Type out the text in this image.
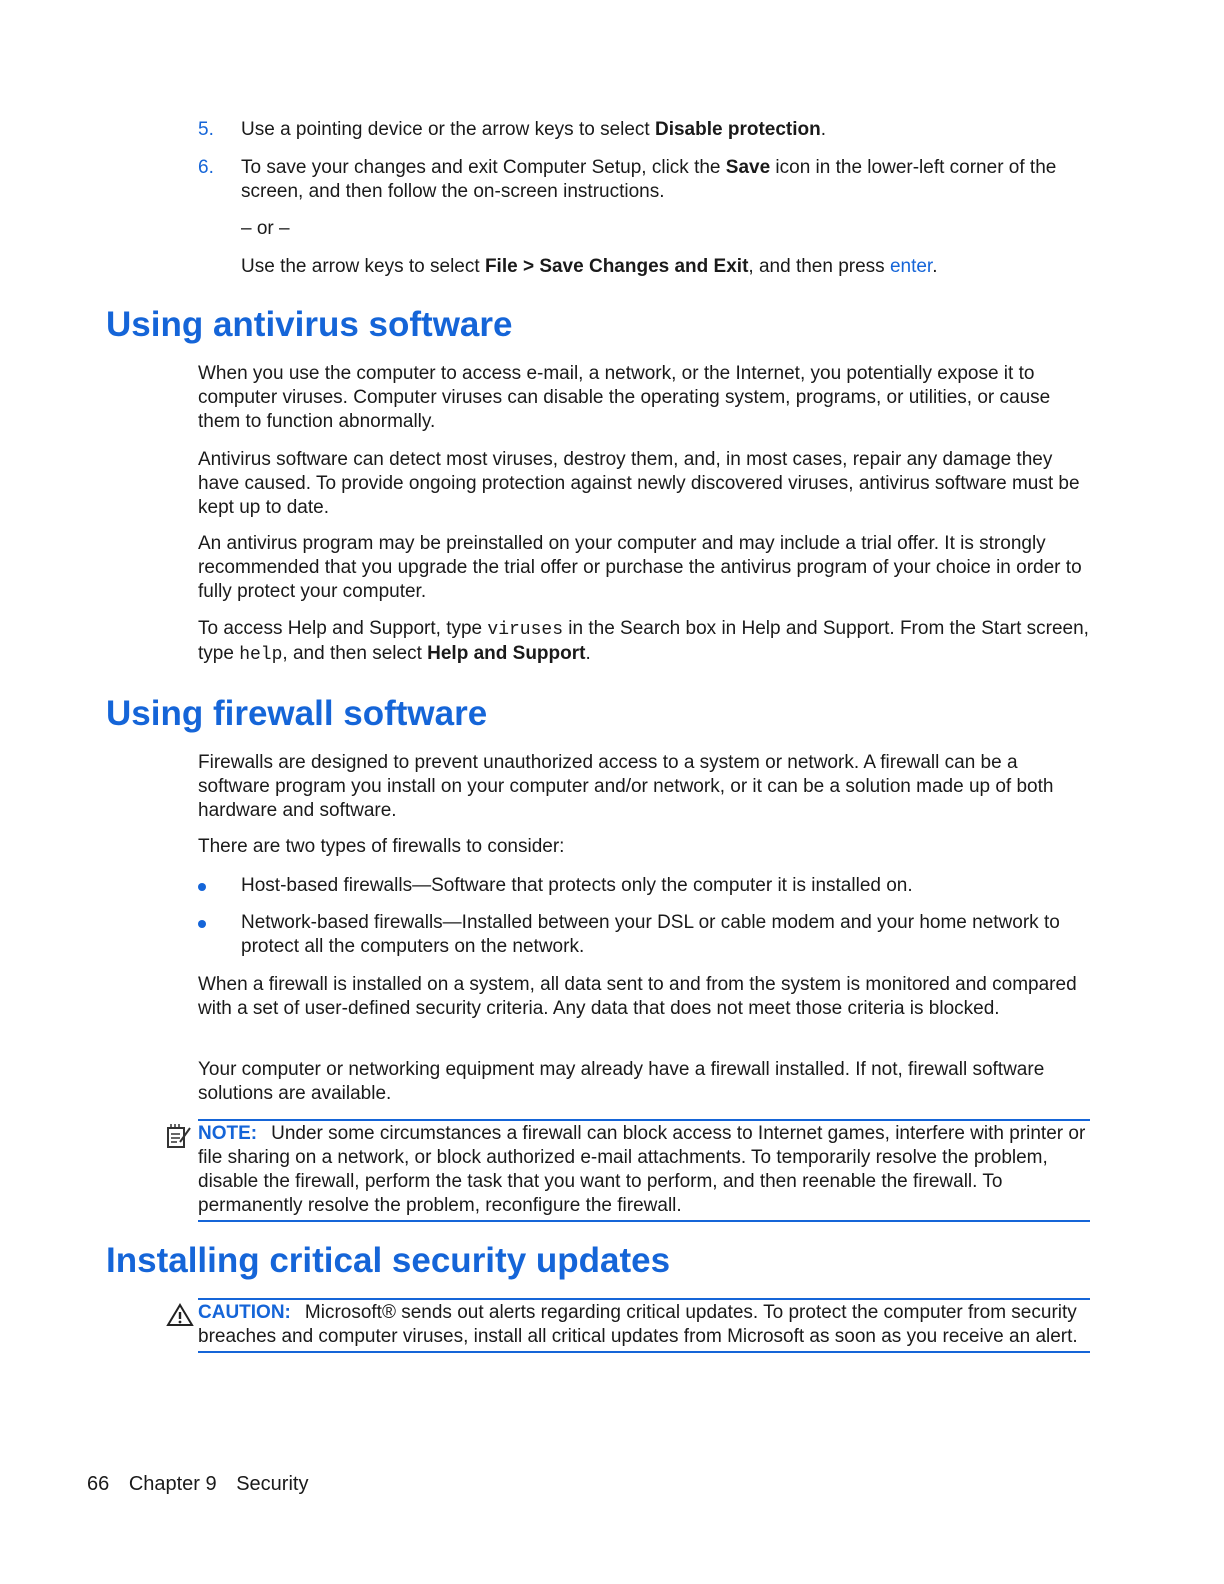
5. Use a pointing device or the arrow keys to select Disable protection.
6. To save your changes and exit Computer Setup, click the Save icon in the lower-left corner of the screen, and then follow the on-screen instructions.

– or –

Use the arrow keys to select File > Save Changes and Exit, and then press enter.

Using antivirus software

When you use the computer to access e-mail, a network, or the Internet, you potentially expose it to computer viruses. Computer viruses can disable the operating system, programs, or utilities, or cause them to function abnormally.

Antivirus software can detect most viruses, destroy them, and, in most cases, repair any damage they have caused. To provide ongoing protection against newly discovered viruses, antivirus software must be kept up to date.

An antivirus program may be preinstalled on your computer and may include a trial offer. It is strongly recommended that you upgrade the trial offer or purchase the antivirus program of your choice in order to fully protect your computer.

To access Help and Support, type viruses in the Search box in Help and Support. From the Start screen, type help, and then select Help and Support.

Using firewall software

Firewalls are designed to prevent unauthorized access to a system or network. A firewall can be a software program you install on your computer and/or network, or it can be a solution made up of both hardware and software.

There are two types of firewalls to consider:

Host-based firewalls—Software that protects only the computer it is installed on.
Network-based firewalls—Installed between your DSL or cable modem and your home network to protect all the computers on the network.

When a firewall is installed on a system, all data sent to and from the system is monitored and compared with a set of user-defined security criteria. Any data that does not meet those criteria is blocked.

Your computer or networking equipment may already have a firewall installed. If not, firewall software solutions are available.

NOTE: Under some circumstances a firewall can block access to Internet games, interfere with printer or file sharing on a network, or block authorized e-mail attachments. To temporarily resolve the problem, disable the firewall, perform the task that you want to perform, and then reenable the firewall. To permanently resolve the problem, reconfigure the firewall.
Installing critical security updates
CAUTION: Microsoft® sends out alerts regarding critical updates. To protect the computer from security breaches and computer viruses, install all critical updates from Microsoft as soon as you receive an alert.
66 Chapter 9 Security
